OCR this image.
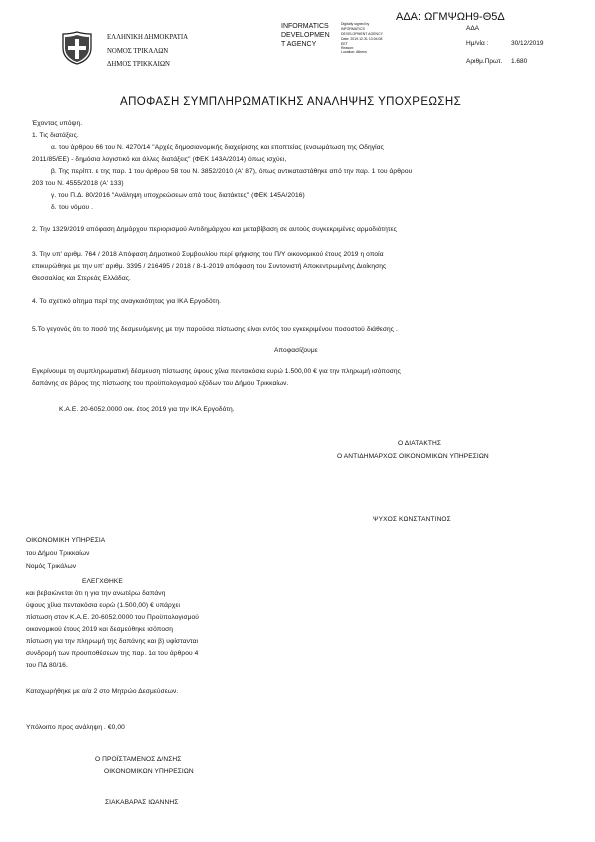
ΑΔΑ: ΩΓΜΨΩΗ9-Θ5Δ
ΕΛΛΗΝΙΚΗ ΔΗΜΟΚΡΑΤΙΑ
ΝΟΜΟΣ ΤΡΙΚΑΛΩΝ
ΔΗΜΟΣ ΤΡΙΚΚΑΙΩΝ
INFORMATICS
DEVELOPMEN
T AGENCY
Digitally signed by
INFORMATICS
DEVELOPMENT AGENCY
Date: 2019.12.31 13:04:08
EET
Reason:
Location: Athens
ΑΔΑ
Ημ/νία :	30/12/2019
Αριθμ.Πρωτ. 1.680
ΑΠΟΦΑΣΗ ΣΥΜΠΛΗΡΩΜΑΤΙΚΗΣ ΑΝΑΛΗΨΗΣ ΥΠΟΧΡΕΩΣΗΣ
Έχοντας υπόψη.
1. Τις διατάξεις.
α. του άρθρου 66 του Ν. 4270/14 "Αρχές δημοσιονομικής διαχείρισης και εποπτείας (ενσωμάτωση της Οδηγίας
2011/85/ΕΕ) - δημόσια λογιστικό και άλλες διατάξεις" (ΦΕΚ 143Α/2014) όπως ισχύει,
β. Της περίπτ. ε της παρ. 1 του άρθρου 58 του Ν. 3852/2010 (Α' 87), όπως αντικαταστάθηκε από την παρ. 1 του άρθρου
203 του Ν. 4555/2018 (Α' 133)
γ. του Π.Δ. 80/2016 "Ανάληψη υποχρεώσεων από τους διατάκτες" (ΦΕΚ 145Α/2016)
δ. του νόμου .
2. Την 1329/2019 απόφαση Δημάρχου περιορισμού Αντιδημάρχου και μεταβίβαση σε αυτούς συγκεκριμένες αρμοδιότητες
3. Την υπ' αριθμ. 764 / 2018 Απόφαση Δημοτικού Συμβουλίου περί ψήφισης του Π/Υ οικονομικού έτους 2019 η οποία
επικυρώθηκε με την υπ' αριθμ. 3395 / 216495 / 2018 / 8-1-2019 απόφαση του Συντονιστή Αποκεντρωμένης Διοίκησης
Θεσσαλίας και Στερεάς Ελλάδας.
4. Το σχετικό αίτημα περί της αναγκαιότητας για ΙΚΑ Εργοδότη.
5.Το γεγονός ότι το ποσό της δεσμευόμενης με την παρούσα πίστωσης είναι εντός του εγκεκριμένου ποσοστού διάθεσης .
Αποφασίζουμε
Εγκρίνουμε τη συμπληρωματική δέσμευση πίστωσης ύψους χίλια πεντακόσια ευρώ 1.500,00 € για την πληρωμή ισόποσης
δαπάνης σε βάρος της πίστωσης του προϋπολογισμού εξόδων του Δήμου Τρικκαίων.
Κ.Α.Ε. 20-6052.0000 οικ. έτος 2019 για την ΙΚΑ Εργοδότη.
Ο ΔΙΑΤΑΚΤΗΣ
Ο ΑΝΤΙΔΗΜΑΡΧΟΣ ΟΙΚΟΝΟΜΙΚΩΝ ΥΠΗΡΕΣΙΩΝ
ΨΥΧΟΣ ΚΩΝΣΤΑΝΤΙΝΟΣ
ΟΙΚΟΝΟΜΙΚΗ ΥΠΗΡΕΣΙΑ
του Δήμου Τρικκαίων
Νομός Τρικάλων
ΕΛΕΓΧΘΗΚΕ
και βεβαιώνεται ότι η για την ανωτέρω δαπάνη
ύψους χίλια πεντακόσια ευρώ (1.500,00) € υπάρχει
πίστωση στον Κ.Α.Ε. 20-6052.0000 του Προϋπολογισμού
οικονομικού έτους 2019 και δεσμεύθηκε ισόποση
πίστωση για την πληρωμή της δαπάνης και β) υφίστανται
συνδρομή των προυποθέσεων της παρ. 1α του άρθρου 4
του ΠΔ 80/16.
Καταχωρήθηκε με α/α 2 στο Μητρώο Δεσμεύσεων.
Υπόλοιπο προς ανάληψη . €0,00
Ο ΠΡΟΪΣΤΑΜΕΝΟΣ Δ/ΝΣΗΣ
ΟΙΚΟΝΟΜΙΚΩΝ ΥΠΗΡΕΣΙΩΝ
ΣΙΑΚΑΒΑΡΑΣ ΙΩΑΝΝΗΣ
